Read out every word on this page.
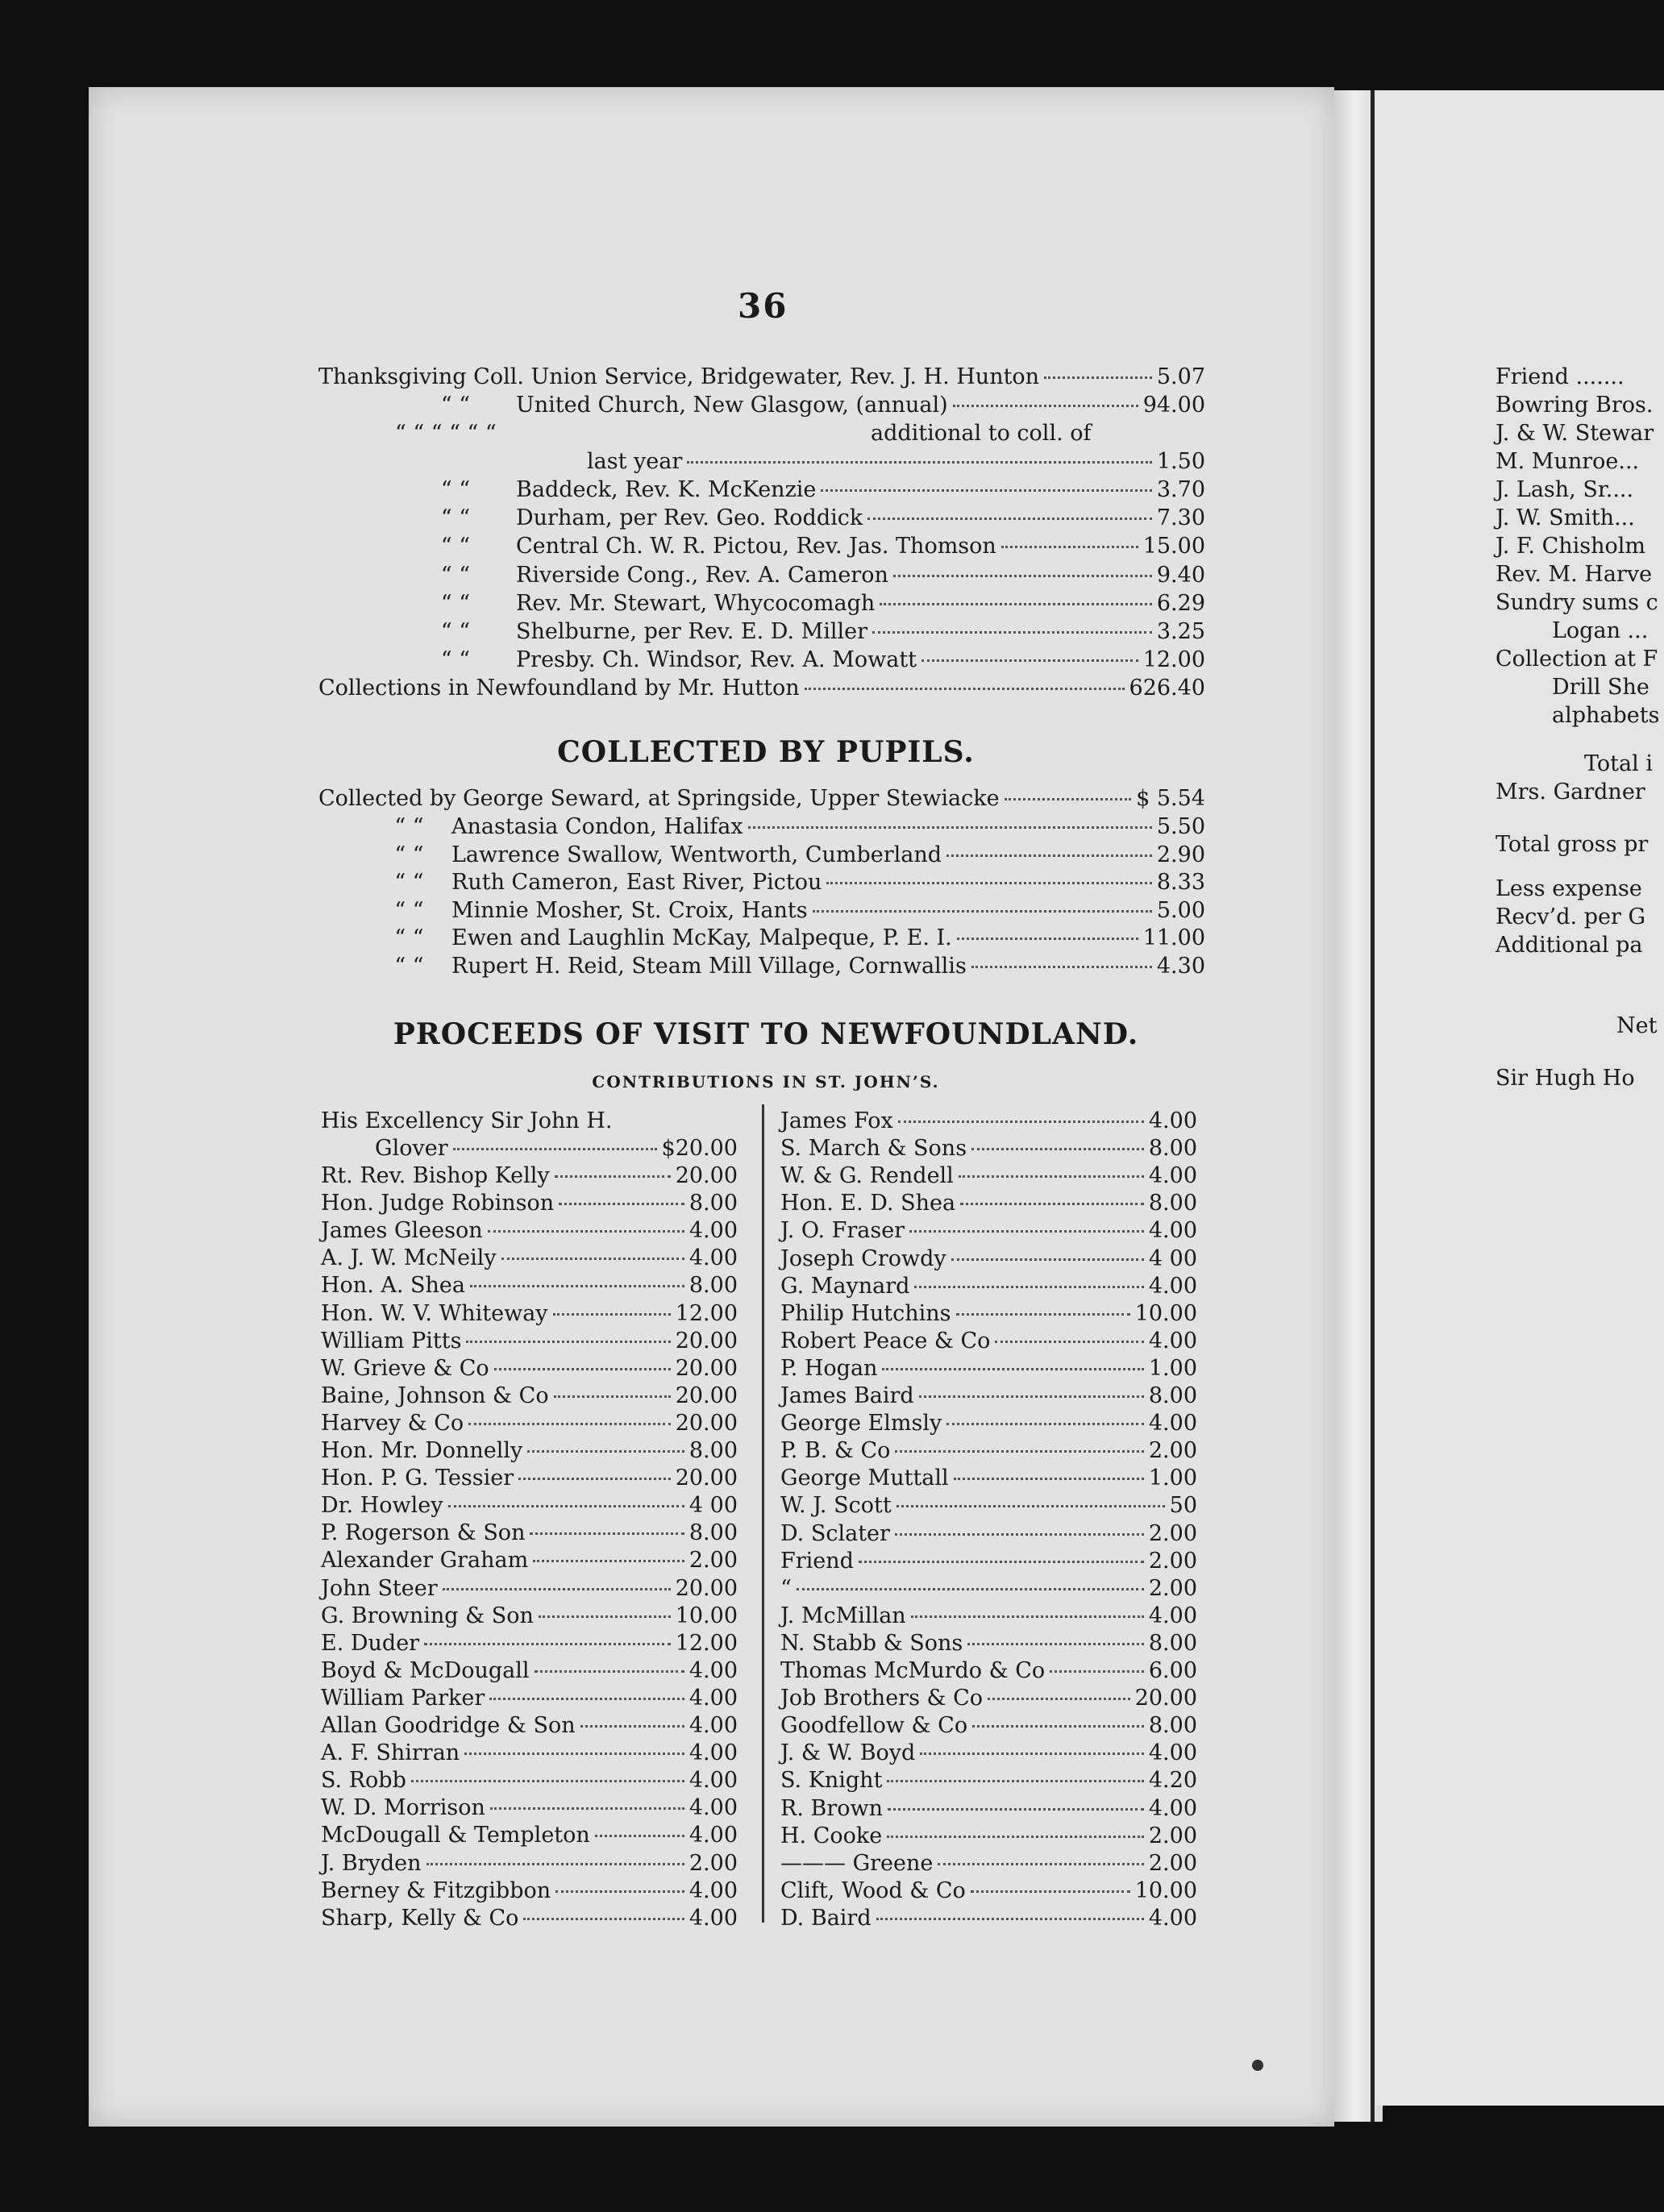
36
Thanksgiving Coll. Union Service, Bridgewater, Rev. J. H. Hunton	5.07
“ “	United Church, New Glasgow, (annual)	94.00
“ “ “ “ “ “	additional to coll. of
last year	1.50
“ “	Baddeck, Rev. K. McKenzie	3.70
“ “	Durham, per Rev. Geo. Roddick	7.30
“ “	Central Ch. W. R. Pictou, Rev. Jas. Thomson	15.00
“ “	Riverside Cong., Rev. A. Cameron	9.40
“ “	Rev. Mr. Stewart, Whycocomagh	6.29
“ “	Shelburne, per Rev. E. D. Miller	3.25
“ “	Presby. Ch. Windsor, Rev. A. Mowatt	12.00
Collections in Newfoundland by Mr. Hutton	626.40
COLLECTED BY PUPILS.
Collected by George Seward, at Springside, Upper Stewiacke	$ 5.54
“ “	Anastasia Condon, Halifax	5.50
“ “	Lawrence Swallow, Wentworth, Cumberland	2.90
“ “	Ruth Cameron, East River, Pictou	8.33
“ “	Minnie Mosher, St. Croix, Hants	5.00
“ “	Ewen and Laughlin McKay, Malpeque, P. E. I.	11.00
“ “	Rupert H. Reid, Steam Mill Village, Cornwallis	4.30
PROCEEDS OF VISIT TO NEWFOUNDLAND.
CONTRIBUTIONS IN ST. JOHN’S.
His Excellency Sir John H.
Glover	$20.00
Rt. Rev. Bishop Kelly	20.00
Hon. Judge Robinson	8.00
James Gleeson	4.00
A. J. W. McNeily	4.00
Hon. A. Shea	8.00
Hon. W. V. Whiteway	12.00
William Pitts	20.00
W. Grieve & Co	20.00
Baine, Johnson & Co	20.00
Harvey & Co	20.00
Hon. Mr. Donnelly	8.00
Hon. P. G. Tessier	20.00
Dr. Howley	4 00
P. Rogerson & Son	8.00
Alexander Graham	2.00
John Steer	20.00
G. Browning & Son	10.00
E. Duder	12.00
Boyd & McDougall	4.00
William Parker	4.00
Allan Goodridge & Son	4.00
A. F. Shirran	4.00
S. Robb	4.00
W. D. Morrison	4.00
McDougall & Templeton	4.00
J. Bryden	2.00
Berney & Fitzgibbon	4.00
Sharp, Kelly & Co	4.00
James Fox	4.00
S. March & Sons	8.00
W. & G. Rendell	4.00
Hon. E. D. Shea	8.00
J. O. Fraser	4.00
Joseph Crowdy	4 00
G. Maynard	4.00
Philip Hutchins	10.00
Robert Peace & Co	4.00
P. Hogan	1.00
James Baird	8.00
George Elmsly	4.00
P. B. & Co	2.00
George Muttall	1.00
W. J. Scott	50
D. Sclater	2.00
Friend	2.00
“	2.00
J. McMillan	4.00
N. Stabb & Sons	8.00
Thomas McMurdo & Co	6.00
Job Brothers & Co	20.00
Goodfellow & Co	8.00
J. & W. Boyd	4.00
S. Knight	4.20
R. Brown	4.00
H. Cooke	2.00
——— Greene	2.00
Clift, Wood & Co	10.00
D. Baird	4.00
Friend .......
Bowring Bros.
J. & W. Stewar
M. Munroe...
J. Lash, Sr....
J. W. Smith...
J. F. Chisholm
Rev. M. Harve
Sundry sums c
Logan ...
Collection at F
Drill She
alphabets
Total i
Mrs. Gardner
Total gross pr
Less expense
Recv’d. per G
Additional pa
Net
Sir Hugh Ho
